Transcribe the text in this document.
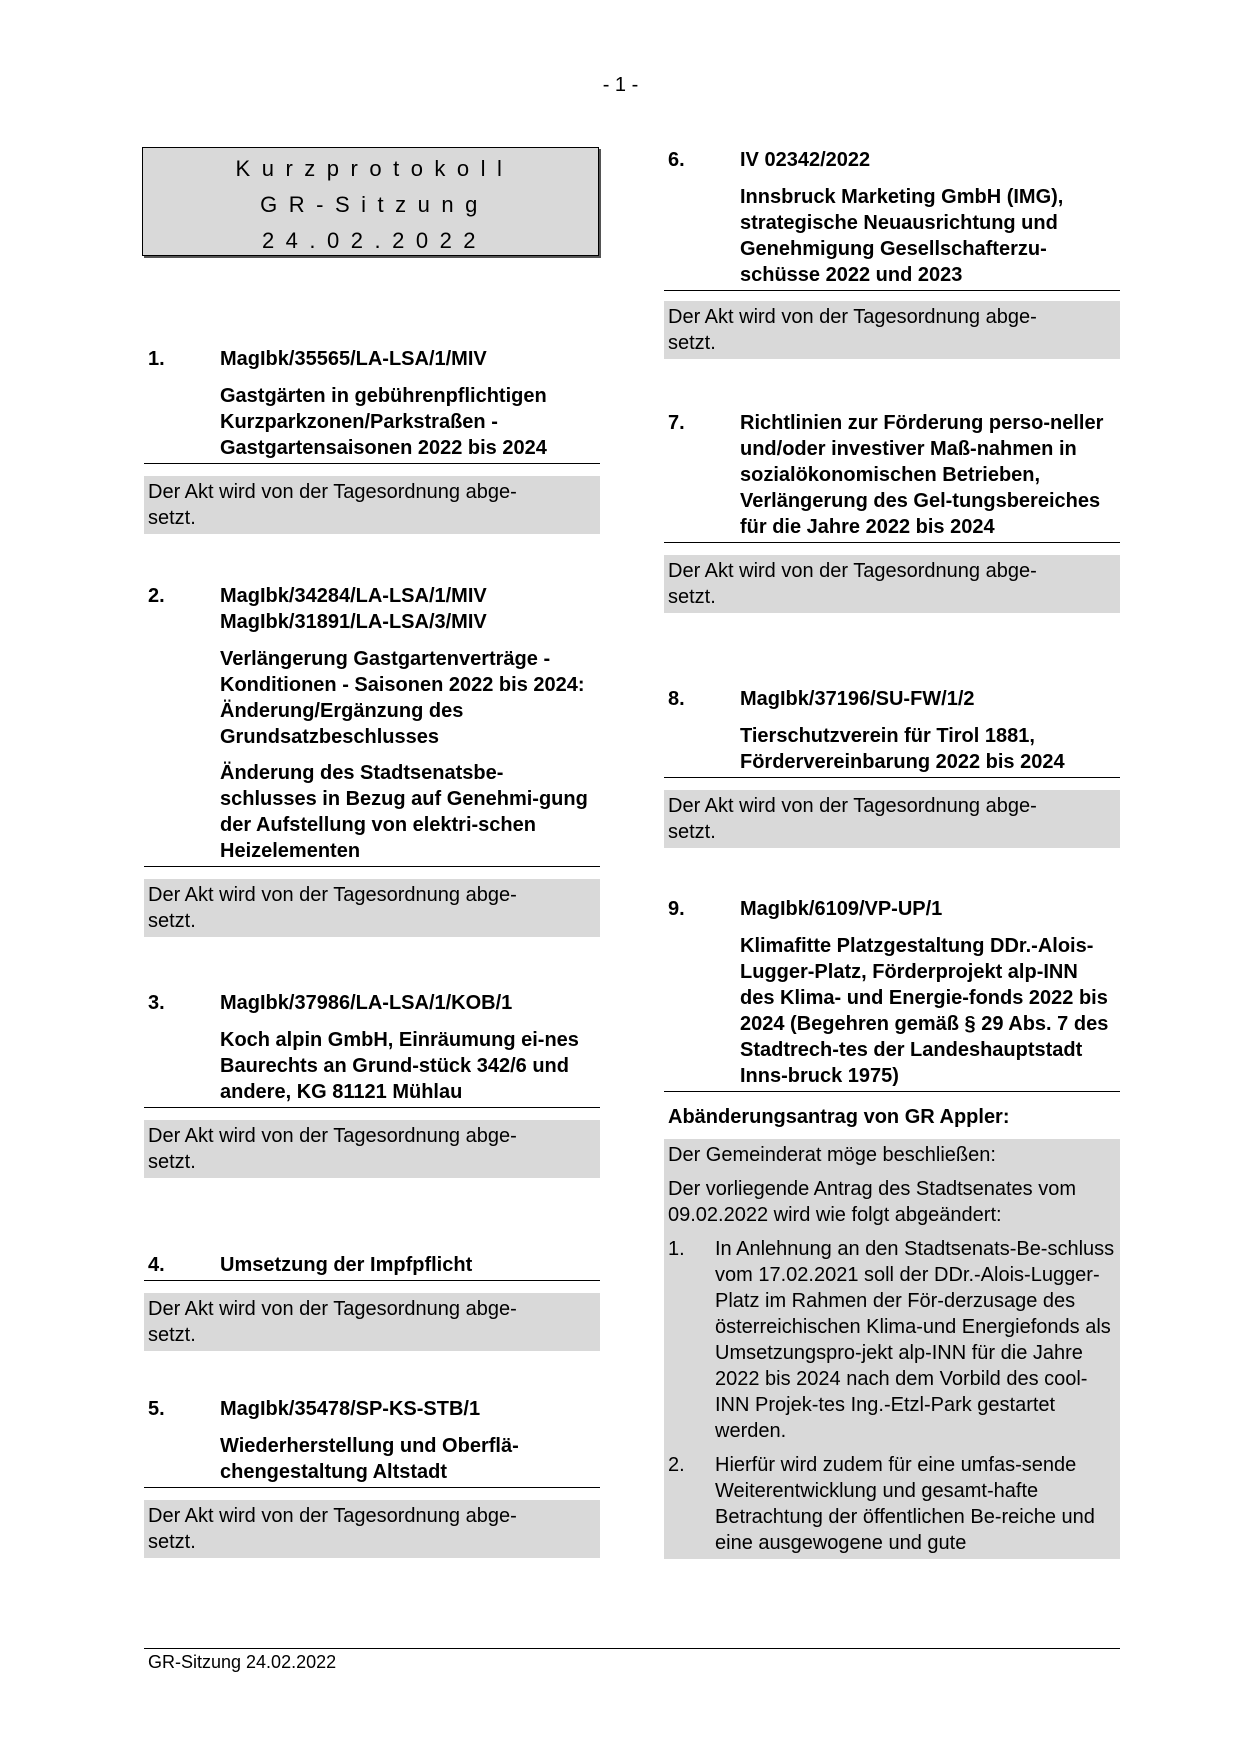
- 1 -
Kurzprotokoll
GR-Sitzung
24.02.2022
1.	MagIbk/35565/LA-LSA/1/MIV
Gastgärten in gebührenpflichtigen Kurzparkzonen/Parkstraßen - Gastgartensaisonen 2022 bis 2024
Der Akt wird von der Tagesordnung abge-
setzt.
2.	MagIbk/34284/LA-LSA/1/MIV
MagIbk/31891/LA-LSA/3/MIV
Verlängerung Gastgartenverträge - Konditionen - Saisonen 2022 bis 2024: Änderung/Ergänzung des Grundsatzbeschlusses
Änderung des Stadtsenatsbe-schlusses in Bezug auf Genehmi-gung der Aufstellung von elektri-schen Heizelementen
Der Akt wird von der Tagesordnung abge-
setzt.
3.	MagIbk/37986/LA-LSA/1/KOB/1
Koch alpin GmbH, Einräumung ei-nes Baurechts an Grund-stück 342/6 und andere, KG 81121 Mühlau
Der Akt wird von der Tagesordnung abge-
setzt.
4.	Umsetzung der Impfpflicht
Der Akt wird von der Tagesordnung abge-
setzt.
5.	MagIbk/35478/SP-KS-STB/1
Wiederherstellung und Oberflä-chengestaltung Altstadt
Der Akt wird von der Tagesordnung abge-
setzt.
6.	IV 02342/2022
Innsbruck Marketing GmbH (IMG), strategische Neuausrichtung und Genehmigung Gesellschafterzu-schüsse 2022 und 2023
Der Akt wird von der Tagesordnung abge-
setzt.
7.	Richtlinien zur Förderung perso-neller und/oder investiver Maß-nahmen in sozialökonomischen Betrieben, Verlängerung des Gel-tungsbereiches für die Jahre 2022 bis 2024
Der Akt wird von der Tagesordnung abge-
setzt.
8.	MagIbk/37196/SU-FW/1/2
Tierschutzverein für Tirol 1881, Fördervereinbarung 2022 bis 2024
Der Akt wird von der Tagesordnung abge-
setzt.
9.	MagIbk/6109/VP-UP/1
Klimafitte Platzgestaltung DDr.-Alois-Lugger-Platz, Förderprojekt alp-INN des Klima- und Energie-fonds 2022 bis 2024 (Begehren gemäß § 29 Abs. 7 des Stadtrech-tes der Landeshauptstadt Inns-bruck 1975)
Abänderungsantrag von GR Appler:

Der Gemeinderat möge beschließen:

Der vorliegende Antrag des Stadtsenates vom 09.02.2022 wird wie folgt abgeändert:

1. In Anlehnung an den Stadtsenats-Be-schluss vom 17.02.2021 soll der DDr.-Alois-Lugger-Platz im Rahmen der För-derzusage des österreichischen Klima-und Energiefonds als Umsetzungspro-jekt alp-INN für die Jahre 2022 bis 2024 nach dem Vorbild des cool-INN Projek-tes Ing.-Etzl-Park gestartet werden.
2. Hierfür wird zudem für eine umfas-sende Weiterentwicklung und gesamt-hafte Betrachtung der öffentlichen Be-reiche und eine ausgewogene und gute
GR-Sitzung 24.02.2022
